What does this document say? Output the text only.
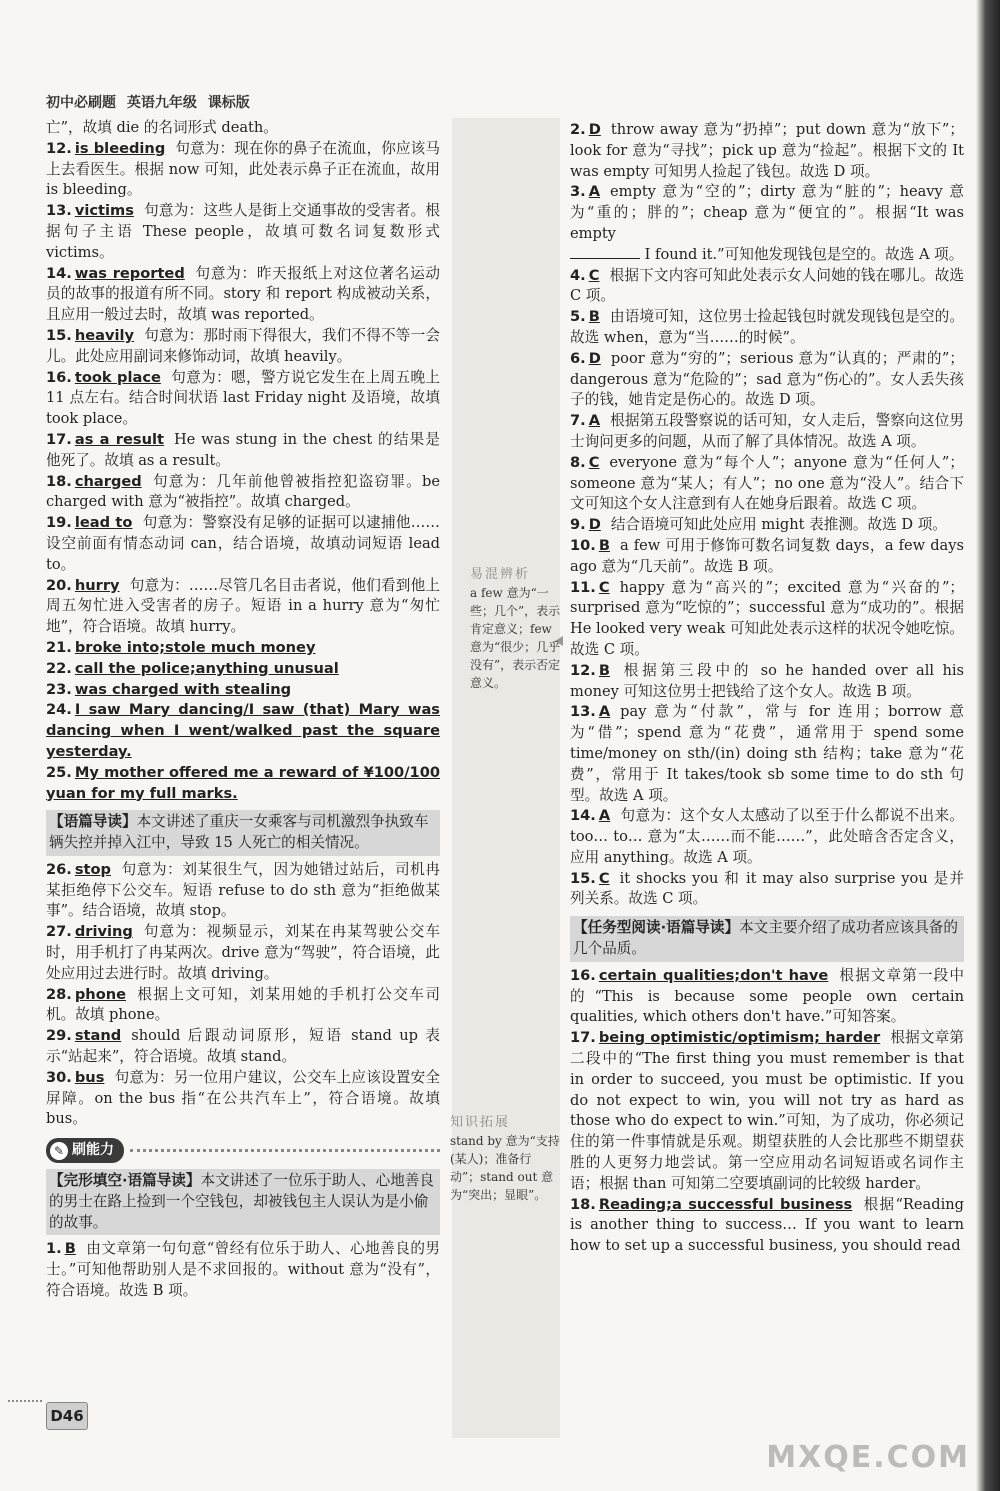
初中必刷题 英语九年级 课标版
易混辨析
a few 意为“一些；几个”，表示肯定意义；few 意为“很少；几乎没有”，表示否定意义。
知识拓展
stand by 意为“支持(某人)；准备行动”；stand out 意为“突出；显眼”。

亡”，故填 die 的名词形式 death。

12. is bleeding 句意为：现在你的鼻子在流血，你应该马上去看医生。根据 now 可知，此处表示鼻子正在流血，故用 is bleeding。

13. victims 句意为：这些人是街上交通事故的受害者。根据句子主语 These people，故填可数名词复数形式 victims。

14. was reported 句意为：昨天报纸上对这位著名运动员的故事的报道有所不同。story 和 report 构成被动关系，且应用一般过去时，故填 was reported。

15. heavily 句意为：那时雨下得很大，我们不得不等一会儿。此处应用副词来修饰动词，故填 heavily。

16. took place 句意为：嗯，警方说它发生在上周五晚上 11 点左右。结合时间状语 last Friday night 及语境，故填 took place。

17. as a result He was stung in the chest 的结果是他死了。故填 as a result。

18. charged 句意为：几年前他曾被指控犯盗窃罪。be charged with 意为“被指控”。故填 charged。

19. lead to 句意为：警察没有足够的证据可以逮捕他……设空前面有情态动词 can，结合语境，故填动词短语 lead to。

20. hurry 句意为：……尽管几名目击者说，他们看到他上周五匆忙进入受害者的房子。短语 in a hurry 意为“匆忙地”，符合语境。故填 hurry。

21. broke into;stole much money

22. call the police;anything unusual

23. was charged with stealing

24. I saw Mary dancing/I saw (that) Mary was dancing when I went/walked past the square yesterday.

25. My mother offered me a reward of ¥100/100 yuan for my full marks.

【语篇导读】本文讲述了重庆一女乘客与司机激烈争执致车辆失控并掉入江中，导致 15 人死亡的相关情况。

26. stop 句意为：刘某很生气，因为她错过站后，司机冉某拒绝停下公交车。短语 refuse to do sth 意为“拒绝做某事”。结合语境，故填 stop。

27. driving 句意为：视频显示，刘某在冉某驾驶公交车时，用手机打了冉某两次。drive 意为“驾驶”，符合语境，此处应用过去进行时。故填 driving。

28. phone 根据上文可知，刘某用她的手机打公交车司机。故填 phone。

29. stand should 后跟动词原形，短语 stand up 表示“站起来”，符合语境。故填 stand。

30. bus 句意为：另一位用户建议，公交车上应该设置安全屏障。on the bus 指“在公共汽车上”，符合语境。故填 bus。

✎ 刷能力
【完形填空·语篇导读】本文讲述了一位乐于助人、心地善良的男士在路上捡到一个空钱包，却被钱包主人误认为是小偷的故事。

1. B 由文章第一句句意“曾经有位乐于助人、心地善良的男士。”可知他帮助别人是不求回报的。without 意为“没有”，符合语境。故选 B 项。

2. D throw away 意为“扔掉”；put down 意为“放下”；look for 意为“寻找”；pick up 意为“捡起”。根据下文的 It was empty 可知男人捡起了钱包。故选 D 项。

3. A empty 意为“空的”；dirty 意为“脏的”；heavy 意为“重的；胖的”；cheap 意为“便宜的”。根据“It was empty

I found it.”可知他发现钱包是空的。故选 A 项。

4. C 根据下文内容可知此处表示女人问她的钱在哪儿。故选 C 项。

5. B 由语境可知，这位男士捡起钱包时就发现钱包是空的。故选 when，意为“当……的时候”。

6. D poor 意为“穷的”；serious 意为“认真的；严肃的”；dangerous 意为“危险的”；sad 意为“伤心的”。女人丢失孩子的钱，她肯定是伤心的。故选 D 项。

7. A 根据第五段警察说的话可知，女人走后，警察向这位男士询问更多的问题，从而了解了具体情况。故选 A 项。

8. C everyone 意为“每个人”；anyone 意为“任何人”；someone 意为“某人；有人”；no one 意为“没人”。结合下文可知这个女人注意到有人在她身后跟着。故选 C 项。

9. D 结合语境可知此处应用 might 表推测。故选 D 项。

10. B a few 可用于修饰可数名词复数 days，a few days ago 意为“几天前”。故选 B 项。

11. C happy 意为“高兴的”；excited 意为“兴奋的”；surprised 意为“吃惊的”；successful 意为“成功的”。根据 He looked very weak 可知此处表示这样的状况令她吃惊。故选 C 项。

12. B 根据第三段中的 so he handed over all his money 可知这位男士把钱给了这个女人。故选 B 项。

13. A pay 意为“付款”，常与 for 连用；borrow 意为“借”；spend 意为“花费”，通常用于 spend some time/money on sth/(in) doing sth 结构；take 意为“花费”，常用于 It takes/took sb some time to do sth 句型。故选 A 项。

14. A 句意为：这个女人太感动了以至于什么都说不出来。too… to… 意为“太……而不能……”，此处暗含否定含义，应用 anything。故选 A 项。

15. C it shocks you 和 it may also surprise you 是并列关系。故选 C 项。

【任务型阅读·语篇导读】本文主要介绍了成功者应该具备的几个品质。

16. certain qualities;don't have 根据文章第一段中的“This is because some people own certain qualities, which others don't have.”可知答案。

17. being optimistic/optimism; harder 根据文章第二段中的“The first thing you must remember is that in order to succeed, you must be optimistic. If you do not expect to win, you will not try as hard as those who do expect to win.”可知，为了成功，你必须记住的第一件事情就是乐观。期望获胜的人会比那些不期望获胜的人更努力地尝试。第一空应用动名词短语或名词作主语；根据 than 可知第二空要填副词的比较级 harder。

18. Reading;a successful business 根据“Reading is another thing to success… If you want to learn how to set up a successful business, you should read

D46
MXQE.COM
